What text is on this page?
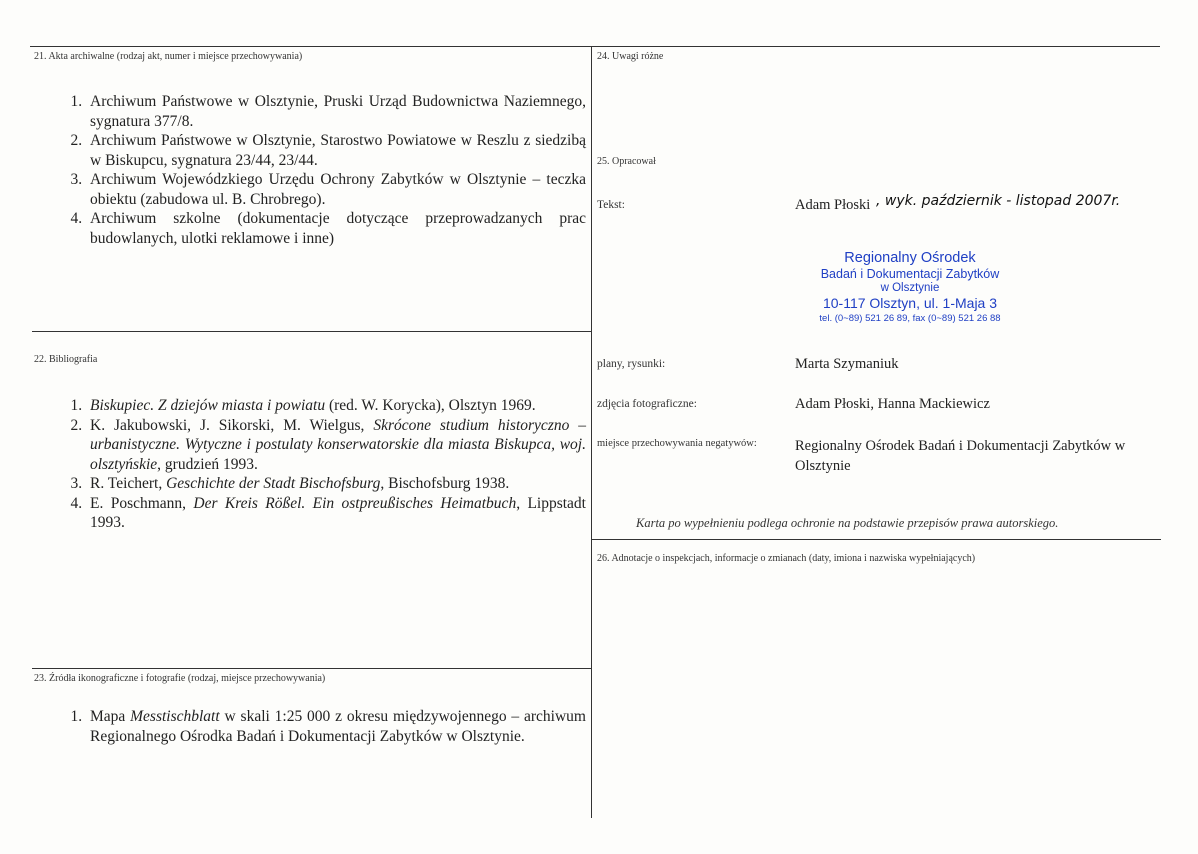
21. Akta archiwalne (rodzaj akt, numer i miejsce przechowywania)
1. Archiwum Państwowe w Olsztynie, Pruski Urząd Budownictwa Naziemnego, sygnatura 377/8.
2. Archiwum Państwowe w Olsztynie, Starostwo Powiatowe w Reszlu z siedzibą w Biskupcu, sygnatura 23/44, 23/44.
3. Archiwum Wojewódzkiego Urzędu Ochrony Zabytków w Olsztynie – teczka obiektu (zabudowa ul. B. Chrobrego).
4. Archiwum szkolne (dokumentacje dotyczące przeprowadzanych prac budowlanych, ulotki reklamowe i inne)
22. Bibliografia
1. Biskupiec. Z dziejów miasta i powiatu (red. W. Korycka), Olsztyn 1969.
2. K. Jakubowski, J. Sikorski, M. Wielgus, Skrócone studium historyczno – urbanistyczne. Wytyczne i postulaty konserwatorskie dla miasta Biskupca, woj. olsztyńskie, grudzień 1993.
3. R. Teichert, Geschichte der Stadt Bischofsburg, Bischofsburg 1938.
4. E. Poschmann, Der Kreis Rößel. Ein ostpreußisches Heimatbuch, Lippstadt 1993.
23. Źródła ikonograficzne i fotografie (rodzaj, miejsce przechowywania)
1. Mapa Messtischblatt w skali 1:25 000 z okresu międzywojennego – archiwum Regionalnego Ośrodka Badań i Dokumentacji Zabytków w Olsztynie.
24. Uwagi różne
25. Opracował
Tekst:	Adam Płoski , wyk. październik - listopad 2007r.
Regionalny Ośrodek
Badań i Dokumentacji Zabytków
w Olsztynie
10-117 Olsztyn, ul. 1-Maja 3
tel. (0~89) 521 26 89, fax (0~89) 521 26 88
plany, rysunki:	Marta Szymaniuk
zdjęcia fotograficzne:	Adam Płoski, Hanna Mackiewicz
miejsce przechowywania negatywów:	Regionalny Ośrodek Badań i Dokumentacji Zabytków w Olsztynie
Karta po wypełnieniu podlega ochronie na podstawie przepisów prawa autorskiego.
26. Adnotacje o inspekcjach, informacje o zmianach (daty, imiona i nazwiska wypełniających)
